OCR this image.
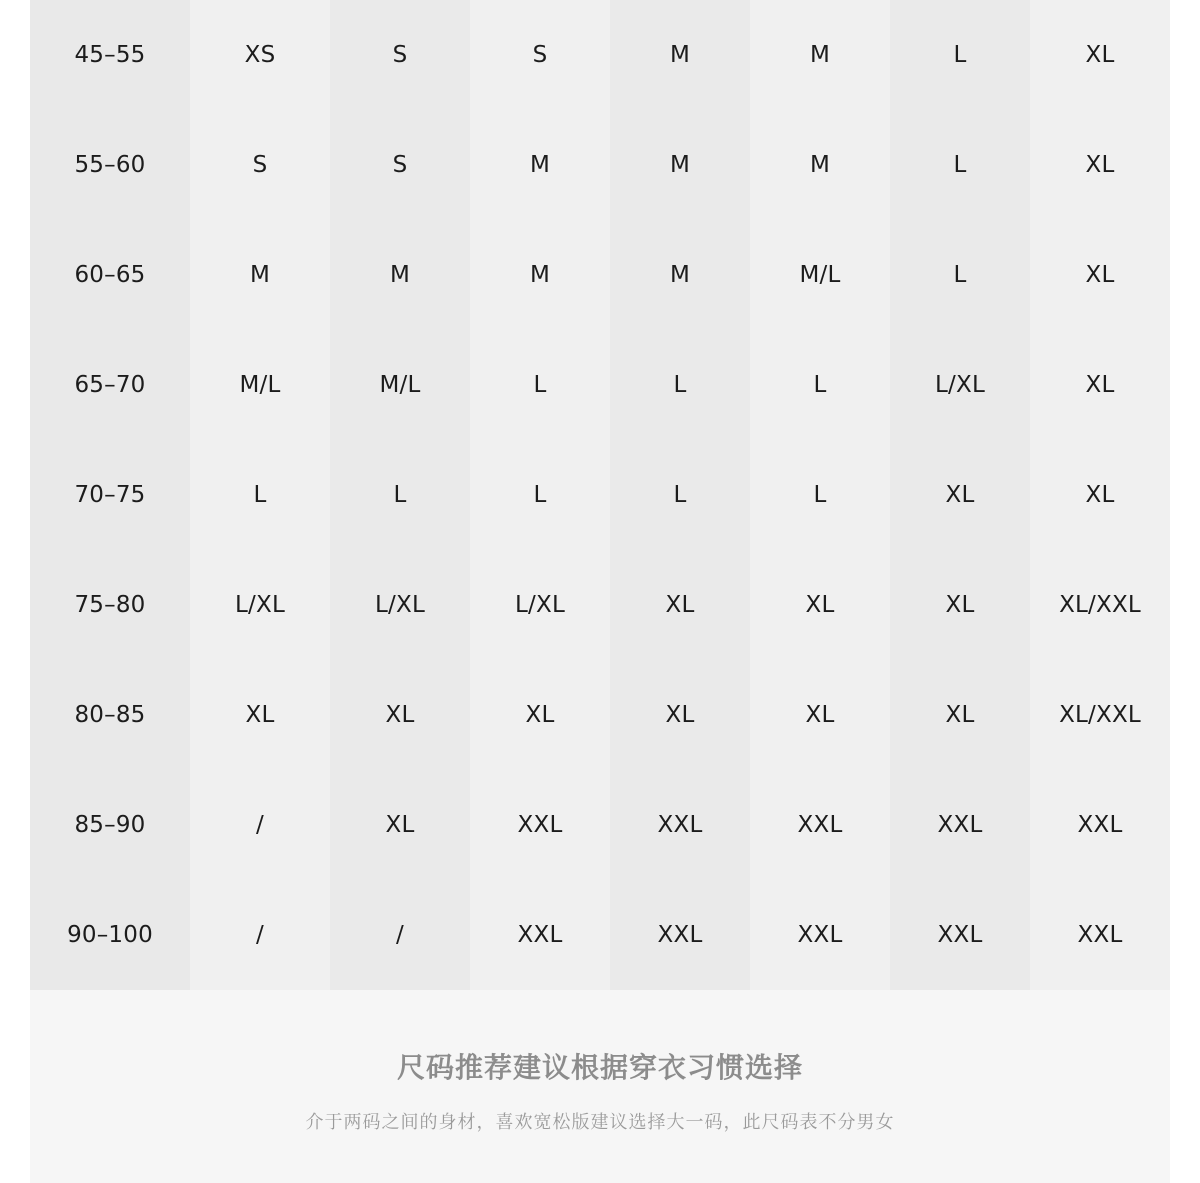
45–55	XS	S	S	M	M	L	XL
55–60	S	S	M	M	M	L	XL
60–65	M	M	M	M	M/L	L	XL
65–70	M/L	M/L	L	L	L	L/XL	XL
70–75	L	L	L	L	L	XL	XL
75–80	L/XL	L/XL	L/XL	XL	XL	XL	XL/XXL
80–85	XL	XL	XL	XL	XL	XL	XL/XXL
85–90	/	XL	XXL	XXL	XXL	XXL	XXL
90–100	/	/	XXL	XXL	XXL	XXL	XXL
尺码推荐建议根据穿衣习惯选择
介于两码之间的身材，喜欢宽松版建议选择大一码，此尺码表不分男女
